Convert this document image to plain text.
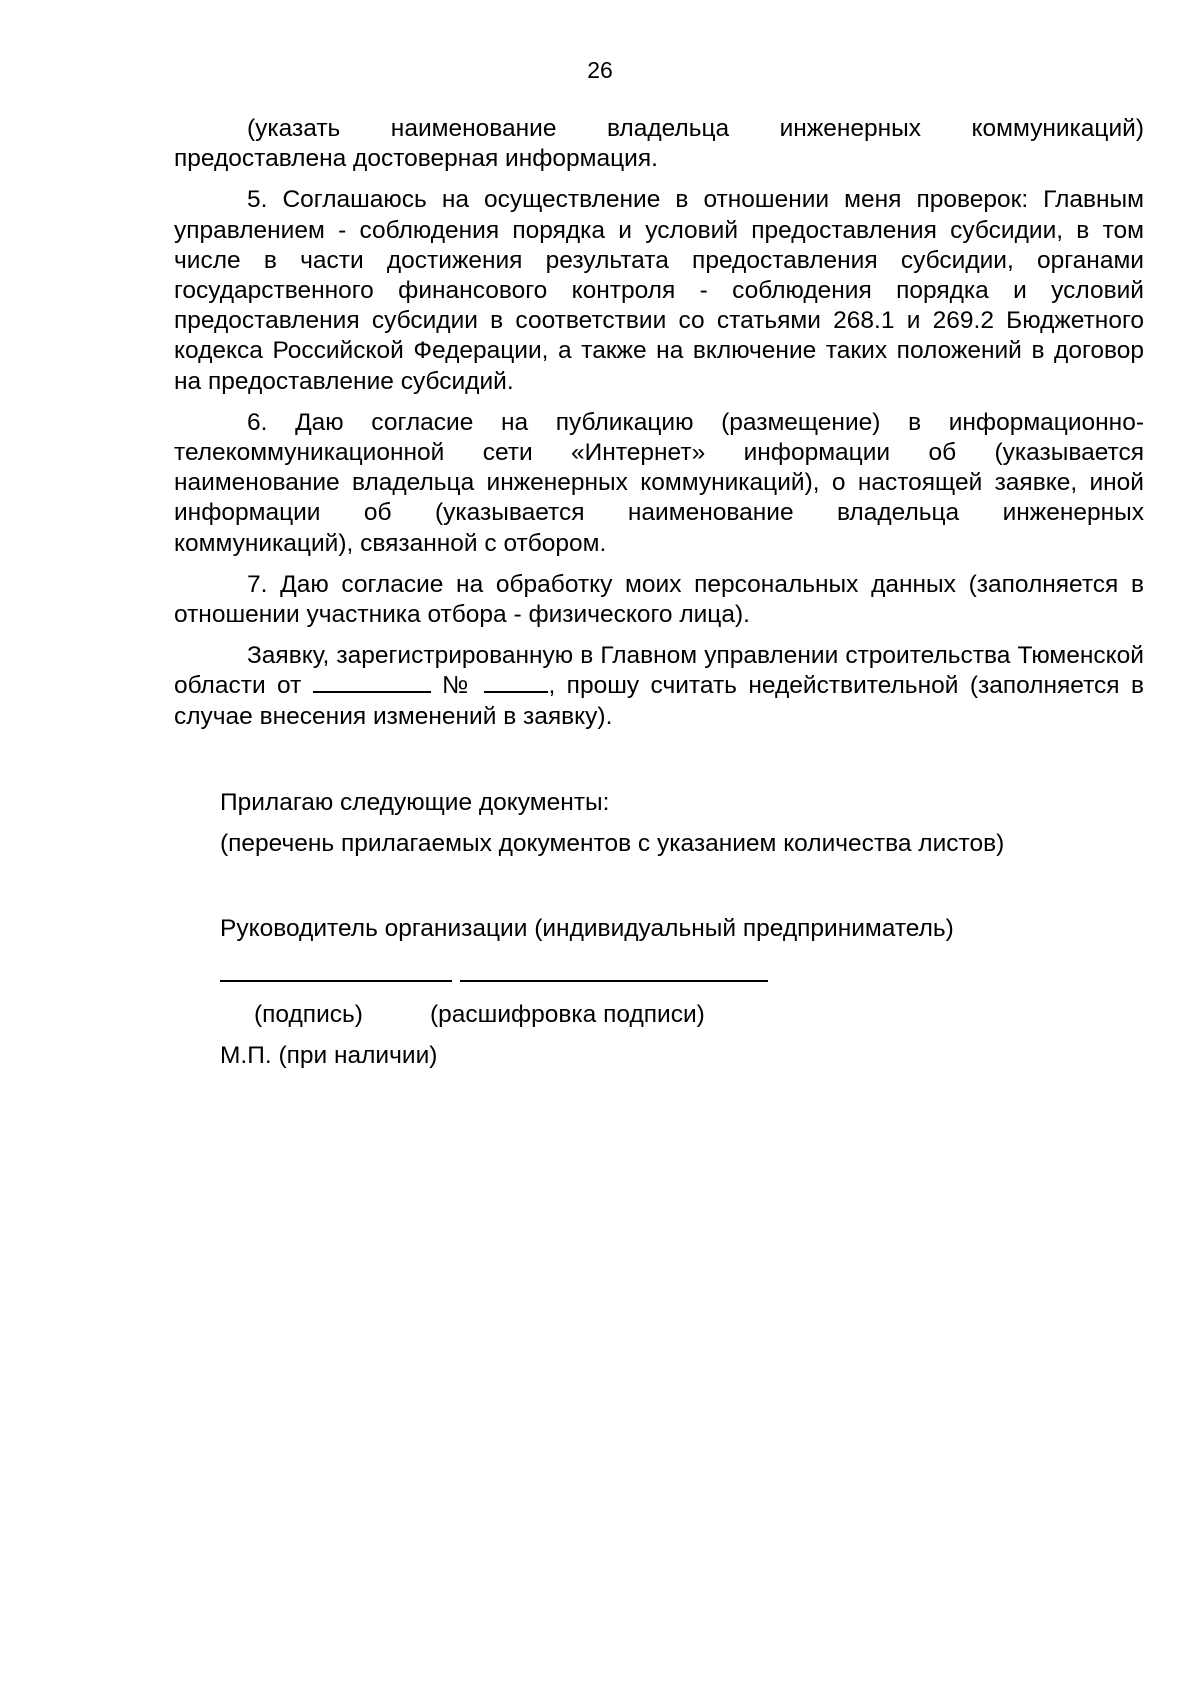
26

(указать наименование владельца инженерных коммуникаций) предоставлена достоверная информация.

5. Соглашаюсь на осуществление в отношении меня проверок: Главным управлением - соблюдения порядка и условий предоставления субсидии, в том числе в части достижения результата предоставления субсидии, органами государственного финансового контроля - соблюдения порядка и условий предоставления субсидии в соответствии со статьями 268.1 и 269.2 Бюджетного кодекса Российской Федерации, а также на включение таких положений в договор на предоставление субсидий.

6. Даю согласие на публикацию (размещение) в информационно-телекоммуникационной сети «Интернет» информации об (указывается наименование владельца инженерных коммуникаций), о настоящей заявке, иной информации об (указывается наименование владельца инженерных коммуникаций), связанной с отбором.

7. Даю согласие на обработку моих персональных данных (заполняется в отношении участника отбора - физического лица).

Заявку, зарегистрированную в Главном управлении строительства Тюменской области от	№	, прошу считать недействительной (заполняется в случае внесения изменений в заявку).

Прилагаю следующие документы:
(перечень прилагаемых документов с указанием количества листов)
Руководитель организации (индивидуальный предприниматель)
(подпись)	(расшифровка подписи)
М.П. (при наличии)
